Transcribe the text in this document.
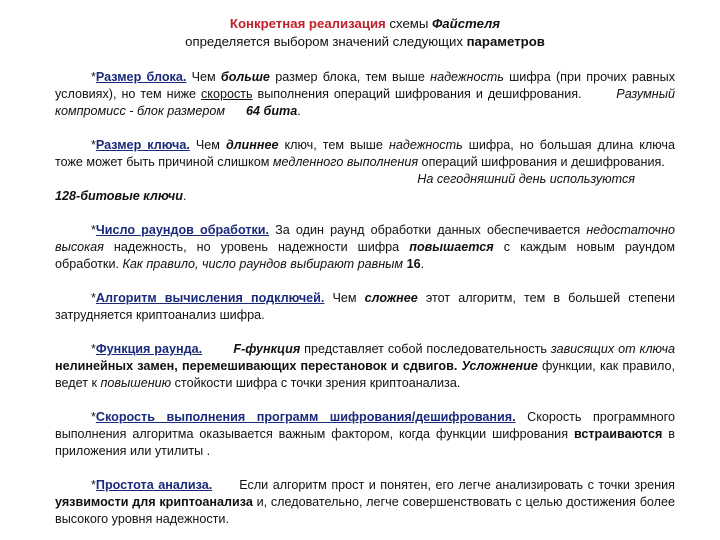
Конкретная реализация схемы Файстеля
определяется выбором значений следующих параметров

*Размер блока. Чем больше размер блока, тем выше надежность шифра (при прочих равных условиях), но тем ниже скорость выполнения операций шифрования и дешифрования.	Разумный компромисс - блок размером 64 бита.

*Размер ключа. Чем длиннее ключ, тем выше надежность шифра, но большая длина ключа тоже может быть причиной слишком медленного выполнения операций шифрования и дешифрования.

На сегодняшний день используются

128-битовые ключи.

*Число раундов обработки. За один раунд обработки данных обеспечивается недостаточно высокая надежность, но уровень надежности шифра повышается с каждым новым раундом обработки. Как правило, число раундов выбирают равным 16.

*Алгоритм вычисления подключей. Чем сложнее этот алгоритм, тем в большей степени затрудняется криптоанализ шифра.

*Функция раунда. F-функция представляет собой последовательность зависящих от ключа нелинейных замен, перемешивающих перестановок и сдвигов. Усложнение функции, как правило, ведет к повышению стойкости шифра с точки зрения криптоанализа.

*Скорость выполнения программ шифрования/дешифрования. Скорость программного выполнения алгоритма оказывается важным фактором, когда функции шифрования встраиваются в приложения или утилиты .

*Простота анализа.      Если алгоритм прост и понятен, его легче анализировать с точки зрения уязвимости для криптоанализа и, следовательно, легче совершенствовать с целью достижения более высокого уровня надежности.
